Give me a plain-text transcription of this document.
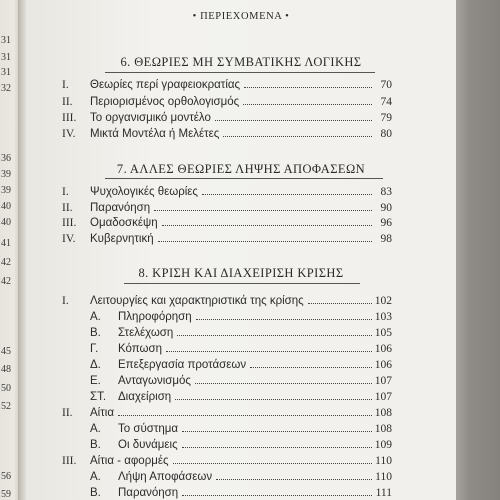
31
31
31
32
36
39
39
40
40
41
42
42
45
48
50
52
56
59
• ΠΕΡΙΕΧΟΜΕΝΑ •
6. ΘΕΩΡΙΕΣ ΜΗ ΣΥΜΒΑΤΙΚΗΣ ΛΟΓΙΚΗΣ
I.	Θεωρίες περί γραφειοκρατίας	70
II.	Περιορισμένος ορθολογισμός	74
III.	Το οργανισμικό μοντέλο	79
IV.	Μικτά Μοντέλα ή Μελέτες	80
7. ΑΛΛΕΣ ΘΕΩΡΙΕΣ ΛΗΨΗΣ ΑΠΟΦΑΣΕΩΝ
I.	Ψυχολογικές θεωρίες	83
II.	Παρανόηση	90
III.	Ομαδοσκέψη	96
IV.	Κυβερνητική	98
8. ΚΡΙΣΗ ΚΑΙ ΔΙΑΧΕΙΡΙΣΗ ΚΡΙΣΗΣ
I.	Λειτουργίες και χαρακτηριστικά της κρίσης	102
Α.	Πληροφόρηση	103
Β.	Στελέχωση	105
Γ.	Κόπωση	106
Δ.	Επεξεργασία προτάσεων	106
Ε.	Ανταγωνισμός	107
ΣΤ.	Διαχείριση	107
II.	Αίτια	108
Α.	Το σύστημα	108
Β.	Οι δυνάμεις	109
III.	Αίτια - αφορμές	110
Α.	Λήψη Αποφάσεων	110
Β.	Παρανόηση	111
